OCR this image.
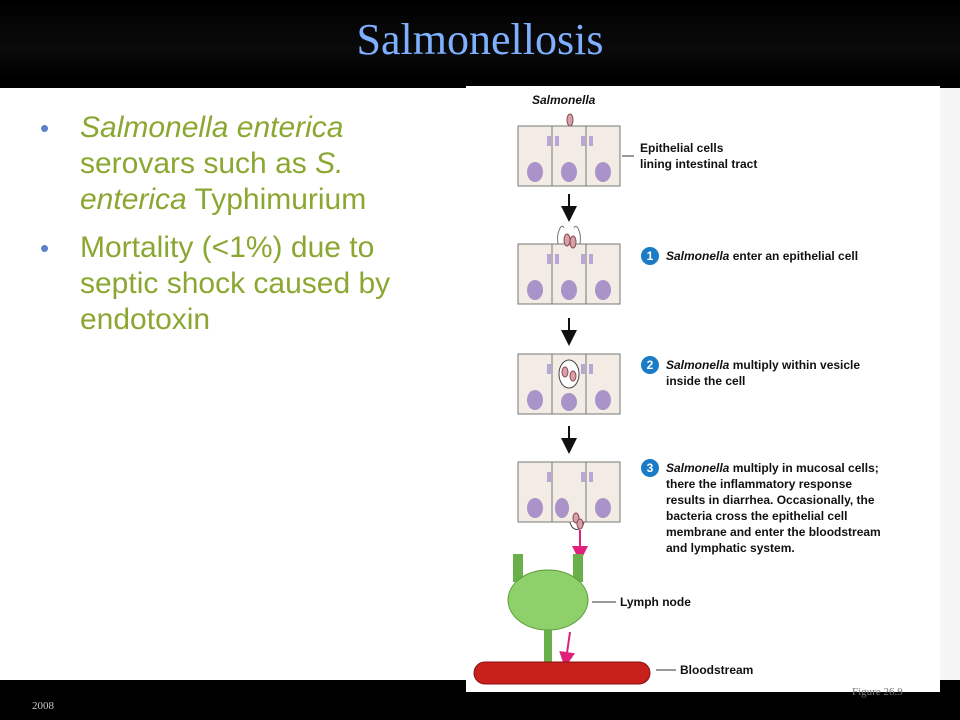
Salmonellosis
•	Salmonella enterica serovars such as S. enterica Typhimurium
•	Mortality (<1%) due to septic shock caused by endotoxin
Salmonella
Epithelial cells
lining intestinal tract
1 Salmonella enter an epithelial cell
2 Salmonella multiply within vesicle
inside the cell
3 Salmonella multiply in mucosal cells;
there the inflammatory response
results in diarrhea. Occasionally, the
bacteria cross the epithelial cell
membrane and enter the bloodstream
and lymphatic system.
Lymph node
Bloodstream
2008
Figure 26.9
